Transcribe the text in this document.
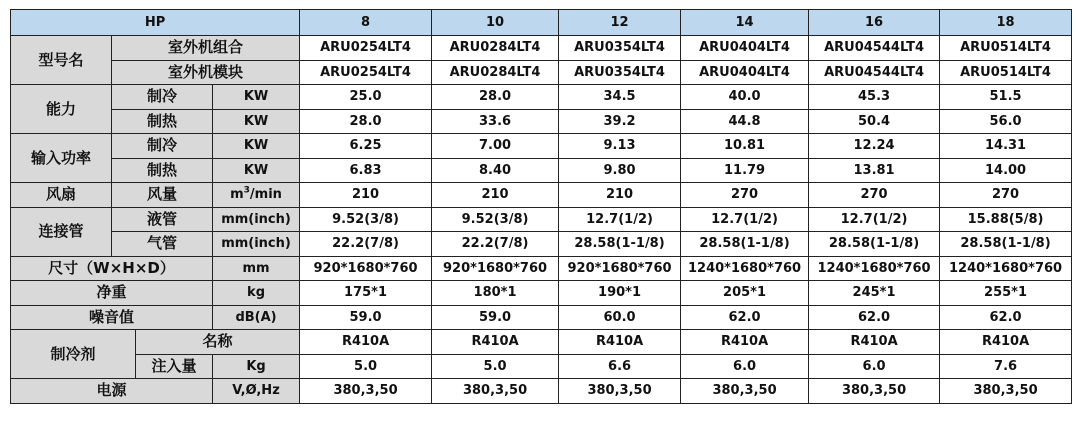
HP				8	10	12	14	16	18
型号名	室外机组合			ARU0254LT4	ARU0284LT4	ARU0354LT4	ARU0404LT4	ARU04544LT4	ARU0514LT4
	室外机模块			ARU0254LT4	ARU0284LT4	ARU0354LT4	ARU0404LT4	ARU04544LT4	ARU0514LT4
能力	制冷		KW	25.0	28.0	34.5	40.0	45.3	51.5
	制热		KW	28.0	33.6	39.2	44.8	50.4	56.0
输入功率	制冷		KW	6.25	7.00	9.13	10.81	12.24	14.31
	制热		KW	6.83	8.40	9.80	11.79	13.81	14.00
风扇	风量		$m^3/\min$	210	210	210	270	270	270
连接管	液管		mm(inch)	9.52(3/8)	9.52(3/8)	12.7(1/2)	12.7(1/2)	12.7(1/2)	15.88(5/8)
	气管		mm(inch)	22.2(7/8)	22.2(7/8)	28.58(1-1/8)	28.58(1-1/8)	28.58(1-1/8)	28.58(1-1/8)
尺寸（W×H×D）			mm	920*1680*760	920*1680*760	920*1680*760	1240*1680*760	1240*1680*760	1240*1680*760
净重			kg	175*1	180*1	190*1	205*1	245*1	255*1
噪音值			dB(A)	59.0	59.0	60.0	62.0	62.0	62.0
制冷剂		名称		R410A	R410A	R410A	R410A	R410A	R410A
		注入量	Kg	5.0	5.0	6.6	6.0	6.0	7.6
电源			V,Ø,Hz	380,3,50	380,3,50	380,3,50	380,3,50	380,3,50	380,3,50
